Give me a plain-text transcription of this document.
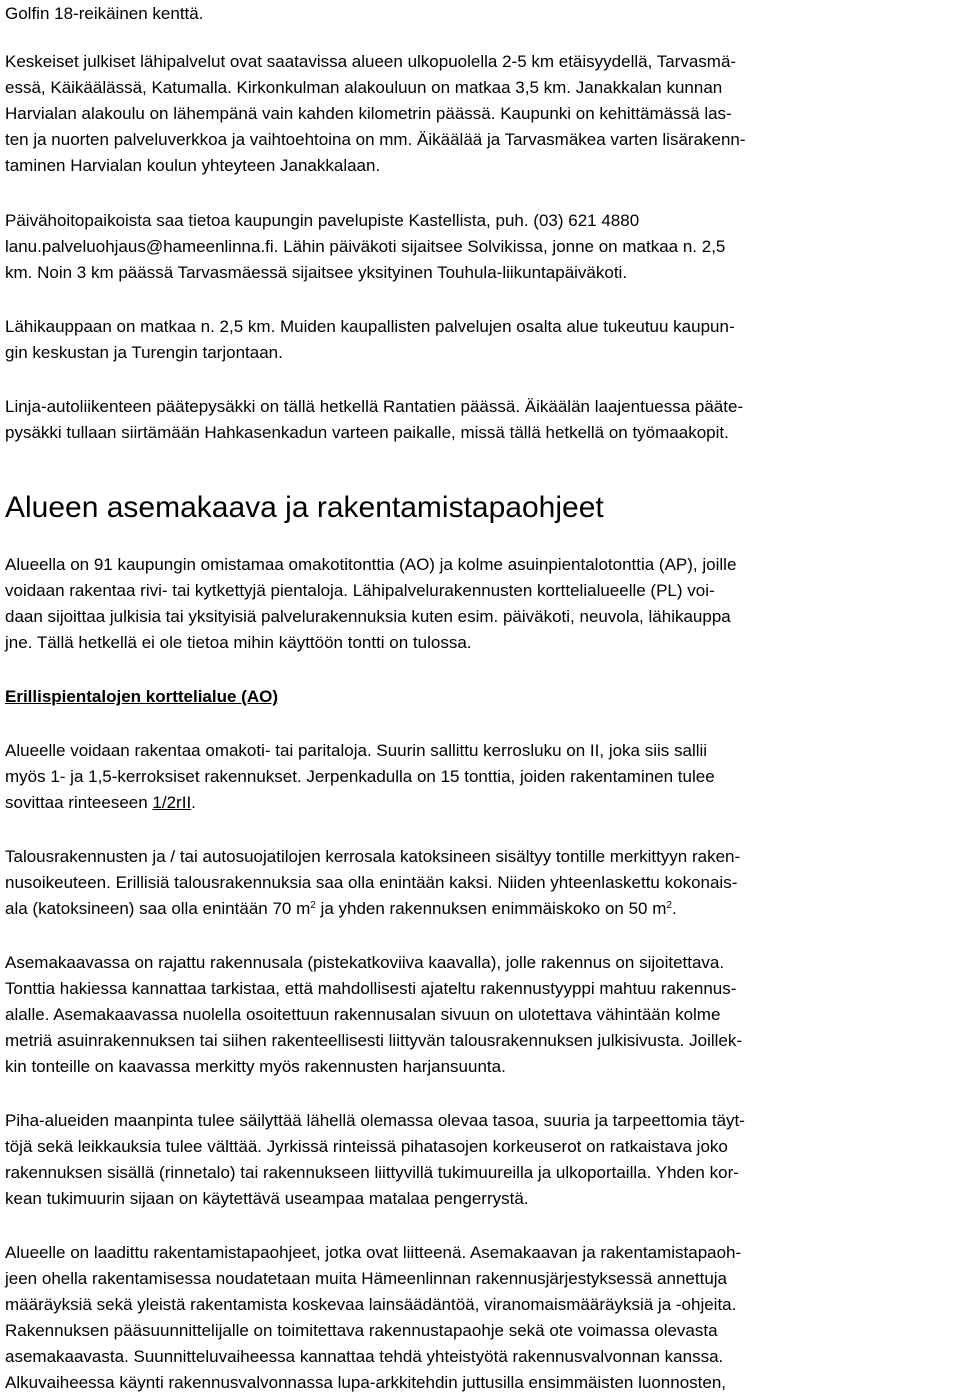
Golfin 18-reikäinen kenttä.
Keskeiset julkiset lähipalvelut ovat saatavissa alueen ulkopuolella 2-5 km etäisyydellä, Tarvasmä-
essä, Käikäälässä, Katumalla. Kirkonkulman alakouluun on matkaa 3,5 km. Janakkalan kunnan
Harvialan alakoulu on lähempänä vain kahden kilometrin päässä. Kaupunki on kehittämässä las-
ten ja nuorten palveluverkkoa ja vaihtoehtoina on mm. Äikäälää ja Tarvasmäkea varten lisärakenn-
taminen Harvialan koulun yhteyteen Janakkalaan.
Päivähoitopaikoista saa tietoa kaupungin pavelupiste Kastellista, puh. (03) 621 4880
lanu.palveluohjaus@hameenlinna.fi. Lähin päiväkoti sijaitsee Solvikissa, jonne on matkaa n. 2,5
km. Noin 3 km päässä Tarvasmäessä sijaitsee yksityinen Touhula-liikuntapäiväkoti.
Lähikauppaan on matkaa n. 2,5 km. Muiden kaupallisten palvelujen osalta alue tukeutuu kaupun-
gin keskustan ja Turengin tarjontaan.
Linja-autoliikenteen päätepysäkki on tällä hetkellä Rantatien päässä. Äikäälän laajentuessa pääte-
pysäkki tullaan siirtämään Hahkasenkadun varteen paikalle, missä tällä hetkellä on työmaakopit.
Alueen asemakaava ja rakentamistapaohjeet
Alueella on 91 kaupungin omistamaa omakotitonttia (AO) ja kolme asuinpientalotonttia (AP), joille
voidaan rakentaa rivi- tai kytkettyjä pientaloja. Lähipalvelurakennusten korttelialueelle (PL) voi-
daan sijoittaa julkisia tai yksityisiä palvelurakennuksia kuten esim. päiväkoti, neuvola, lähikauppa
jne. Tällä hetkellä ei ole tietoa mihin käyttöön tontti on tulossa.
Erillispientalojen korttelialue (AO)
Alueelle voidaan rakentaa omakoti- tai paritaloja. Suurin sallittu kerrosluku on II, joka siis sallii
myös 1- ja 1,5-kerroksiset rakennukset. Jerpenkadulla on 15 tonttia, joiden rakentaminen tulee
sovittaa rinteeseen 1/2rII.
Talousrakennusten ja / tai autosuojatilojen kerrosala katoksineen sisältyy tontille merkittyyn raken-
nusoikeuteen. Erillisiä talousrakennuksia saa olla enintään kaksi. Niiden yhteenlaskettu kokonais-
ala (katoksineen) saa olla enintään 70 $m^2$ ja yhden rakennuksen enimmäiskoko on 50 $m^2$.
Asemakaavassa on rajattu rakennusala (pistekatkoviiva kaavalla), jolle rakennus on sijoitettava.
Tonttia hakiessa kannattaa tarkistaa, että mahdollisesti ajateltu rakennustyyppi mahtuu rakennus-
alalle. Asemakaavassa nuolella osoitettuun rakennusalan sivuun on ulotettava vähintään kolme
metriä asuinrakennuksen tai siihen rakenteellisesti liittyvän talousrakennuksen julkisivusta. Joillek-
kin tonteille on kaavassa merkitty myös rakennusten harjansuunta.
Piha-alueiden maanpinta tulee säilyttää lähellä olemassa olevaa tasoa, suuria ja tarpeettomia täyt-
töjä sekä leikkauksia tulee välttää. Jyrkissä rinteissä pihatasojen korkeuserot on ratkaistava joko
rakennuksen sisällä (rinnetalo) tai rakennukseen liittyvillä tukimuureilla ja ulkoportailla. Yhden kor-
kean tukimuurin sijaan on käytettävä useampaa matalaa pengerrystä.
Alueelle on laadittu rakentamistapaohjeet, jotka ovat liitteenä. Asemakaavan ja rakentamistapaoh-
jeen ohella rakentamisessa noudatetaan muita Hämeenlinnan rakennusjärjestyksessä annettuja
määräyksiä sekä yleistä rakentamista koskevaa lainsäädäntöä, viranomaismääräyksiä ja -ohjeita.
Rakennuksen pääsuunnittelijalle on toimitettava rakennustapaohje sekä ote voimassa olevasta
asemakaavasta. Suunnitteluvaiheessa kannattaa tehdä yhteistyötä rakennusvalvonnan kanssa.
Alkuvaiheessa käynti rakennusvalvonnassa lupa-arkkitehdin juttusilla ensimmäisten luonnosten,
